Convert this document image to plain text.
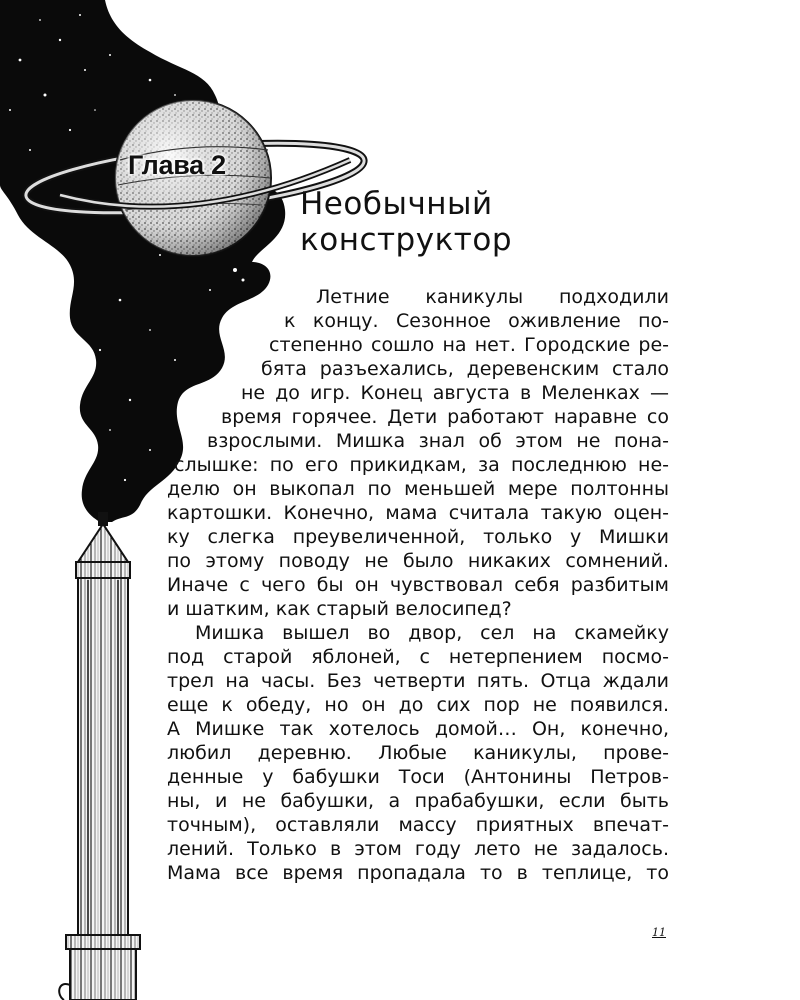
Глава 2
Необычный
конструктор
Летние каникулы подходили
к концу. Сезонное оживление по-
степенно сошло на нет. Городские ре-
бята разъехались, деревенским стало
не до игр. Конец августа в Меленках —
время горячее. Дети работают наравне со
взрослыми. Мишка знал об этом не пона-
слышке: по его прикидкам, за последнюю не-
делю он выкопал по меньшей мере полтонны
картошки. Конечно, мама считала такую оцен-
ку слегка преувеличенной, только у Мишки
по этому поводу не было никаких сомнений.
Иначе с чего бы он чувствовал себя разбитым
и шатким, как старый велосипед?
Мишка вышел во двор, сел на скамейку
под старой яблоней, с нетерпением посмо-
трел на часы. Без четверти пять. Отца ждали
еще к обеду, но он до сих пор не появился.
А Мишке так хотелось домой… Он, конечно,
любил деревню. Любые каникулы, прове-
денные у бабушки Тоси (Антонины Петров-
ны, и не бабушки, а прабабушки, если быть
точным), оставляли массу приятных впечат-
лений. Только в этом году лето не задалось.
Мама все время пропадала то в теплице, то
11
